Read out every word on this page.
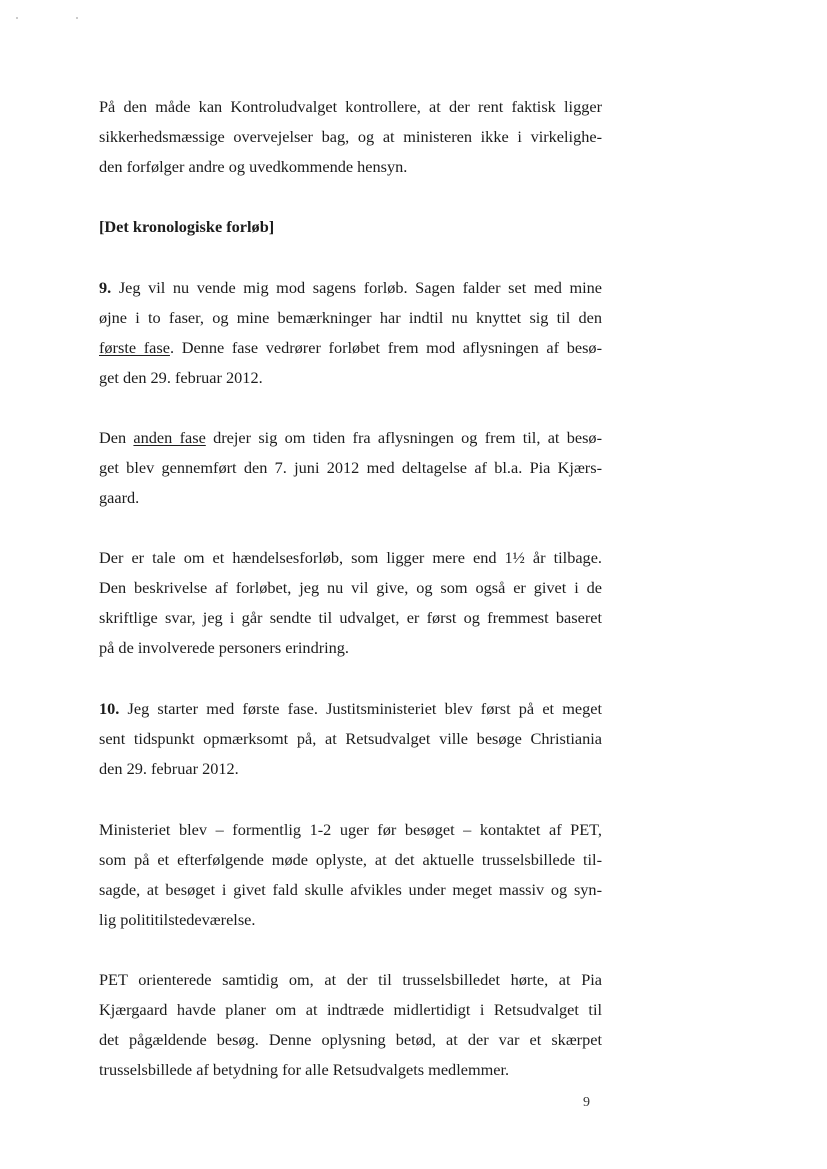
På den måde kan Kontroludvalget kontrollere, at der rent faktisk ligger
sikkerhedsmæssige overvejelser bag, og at ministeren ikke i virkelighe-
den forfølger andre og uvedkommende hensyn.
[Det kronologiske forløb]
9. Jeg vil nu vende mig mod sagens forløb. Sagen falder set med mine
øjne i to faser, og mine bemærkninger har indtil nu knyttet sig til den
første fase. Denne fase vedrører forløbet frem mod aflysningen af besø-
get den 29. februar 2012.
Den anden fase drejer sig om tiden fra aflysningen og frem til, at besø-
get blev gennemført den 7. juni 2012 med deltagelse af bl.a. Pia Kjærs-
gaard.
Der er tale om et hændelsesforløb, som ligger mere end 1½ år tilbage.
Den beskrivelse af forløbet, jeg nu vil give, og som også er givet i de
skriftlige svar, jeg i går sendte til udvalget, er først og fremmest baseret
på de involverede personers erindring.
10. Jeg starter med første fase. Justitsministeriet blev først på et meget
sent tidspunkt opmærksomt på, at Retsudvalget ville besøge Christiania
den 29. februar 2012.
Ministeriet blev – formentlig 1-2 uger før besøget – kontaktet af PET,
som på et efterfølgende møde oplyste, at det aktuelle trusselsbillede til-
sagde, at besøget i givet fald skulle afvikles under meget massiv og syn-
lig polititilstedeværelse.
PET orienterede samtidig om, at der til trusselsbilledet hørte, at Pia
Kjærgaard havde planer om at indtræde midlertidigt i Retsudvalget til
det pågældende besøg. Denne oplysning betød, at der var et skærpet
trusselsbillede af betydning for alle Retsudvalgets medlemmer.
9
